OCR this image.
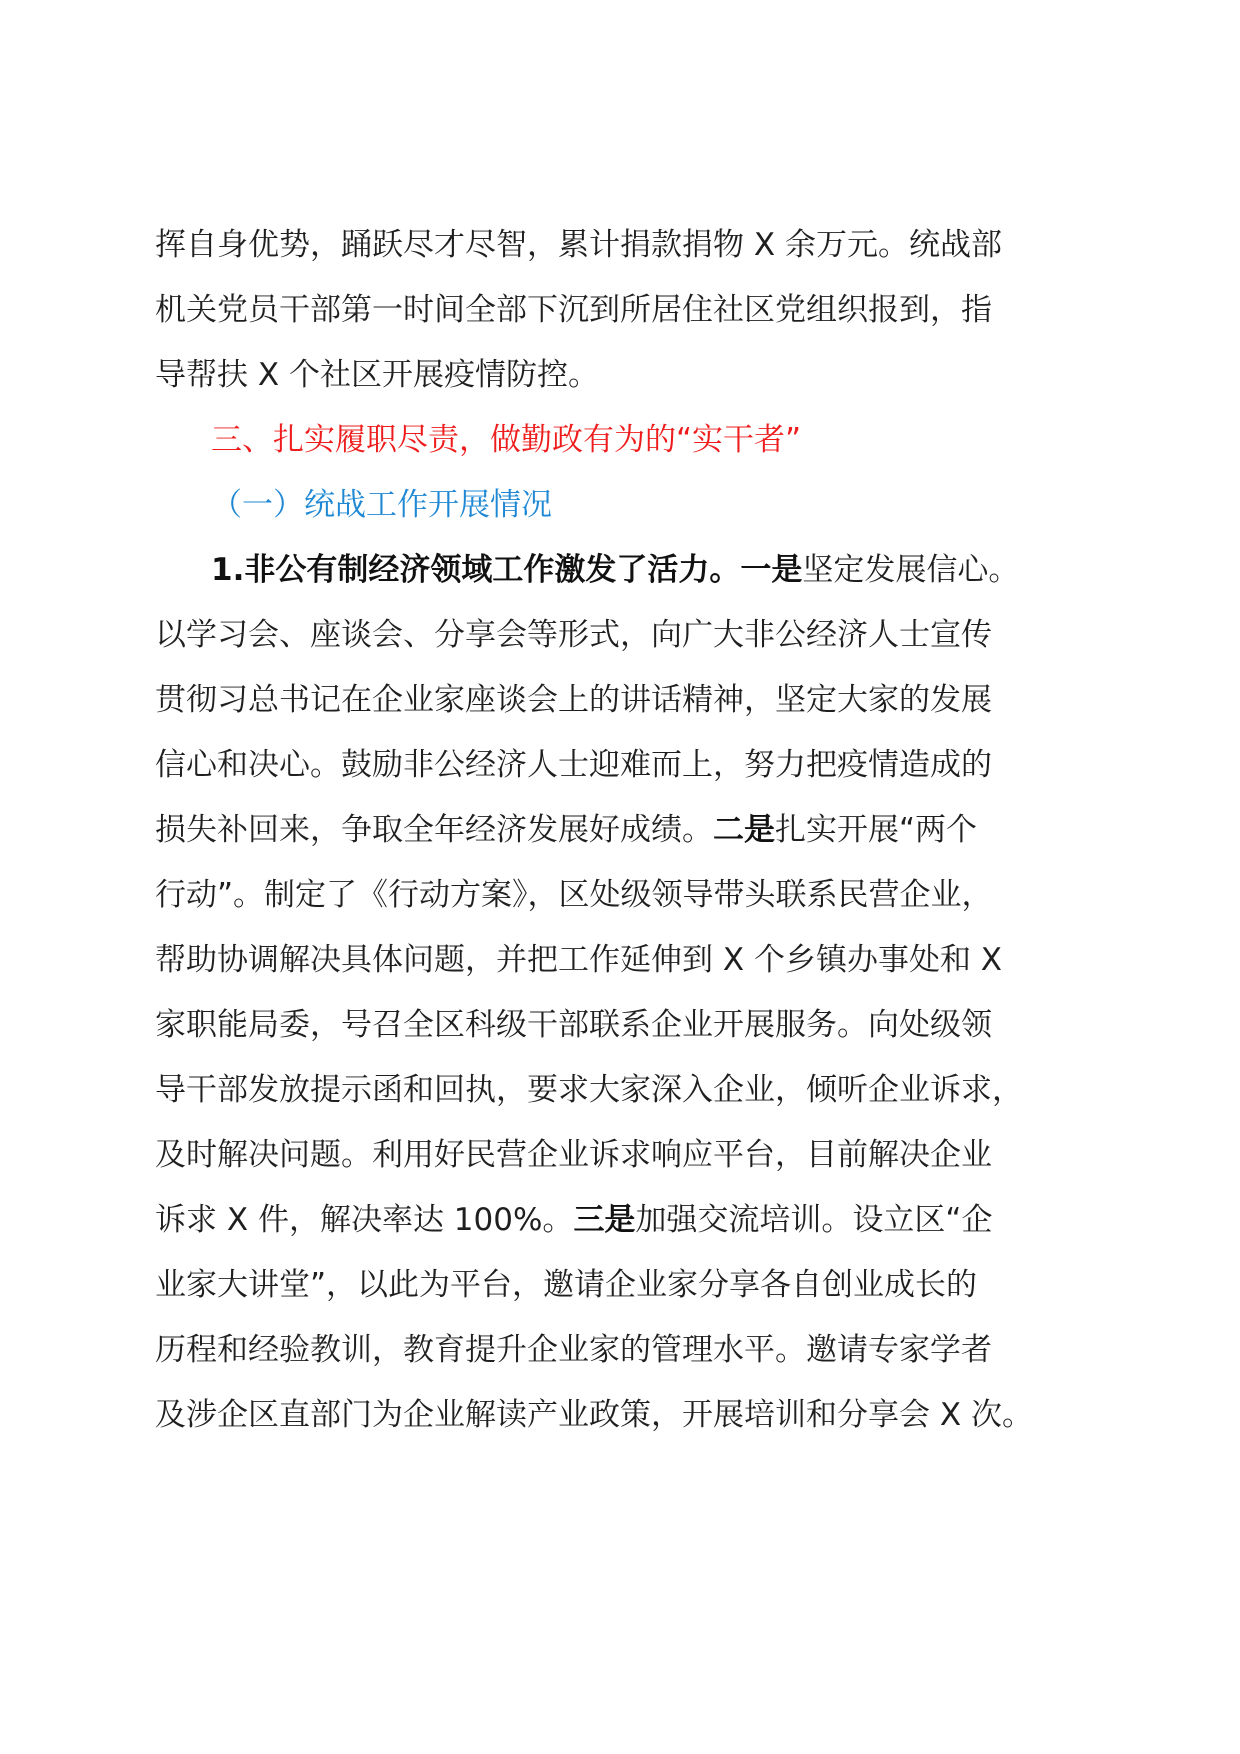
挥自身优势，踊跃尽才尽智，累计捐款捐物 X 余万元。统战部

机关党员干部第一时间全部下沉到所居住社区党组织报到，指

导帮扶 X 个社区开展疫情防控。

三、扎实履职尽责，做勤政有为的“实干者”

（一）统战工作开展情况

1.非公有制经济领域工作激发了活力。一是坚定发展信心。

以学习会、座谈会、分享会等形式，向广大非公经济人士宣传

贯彻习总书记在企业家座谈会上的讲话精神，坚定大家的发展

信心和决心。鼓励非公经济人士迎难而上，努力把疫情造成的

损失补回来，争取全年经济发展好成绩。二是扎实开展“两个

行动”。制定了《行动方案》，区处级领导带头联系民营企业，

帮助协调解决具体问题，并把工作延伸到 X 个乡镇办事处和 X

家职能局委，号召全区科级干部联系企业开展服务。向处级领

导干部发放提示函和回执，要求大家深入企业，倾听企业诉求，

及时解决问题。利用好民营企业诉求响应平台，目前解决企业

诉求 X 件，解决率达 100%。三是加强交流培训。设立区“企

业家大讲堂”，以此为平台，邀请企业家分享各自创业成长的

历程和经验教训，教育提升企业家的管理水平。邀请专家学者

及涉企区直部门为企业解读产业政策，开展培训和分享会 X 次。
